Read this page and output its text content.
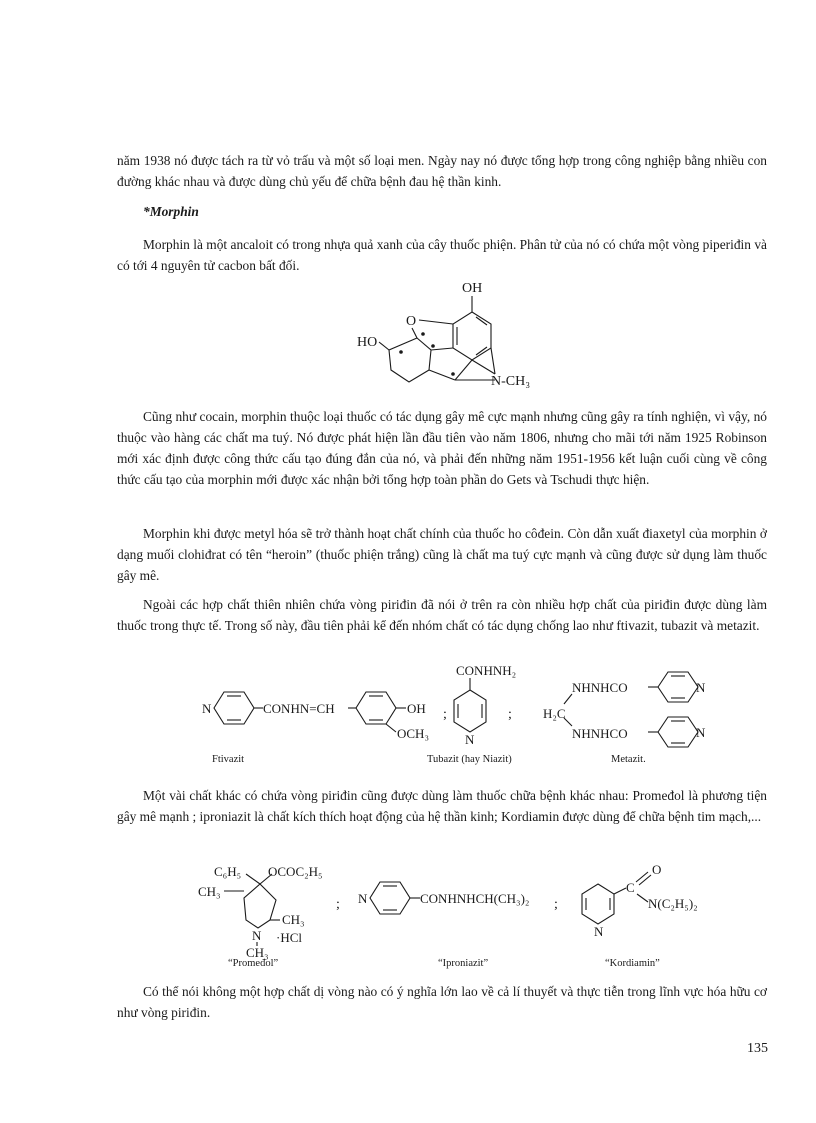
năm 1938 nó được tách ra từ vỏ trấu và một số loại men. Ngày nay nó được tổng hợp trong công nghiệp bằng nhiều con đường khác nhau và được dùng chủ yếu để chữa bệnh đau hệ thần kinh.

*Morphin

Morphin là một ancaloit có trong nhựa quả xanh của cây thuốc phiện. Phân tử của nó có chứa một vòng piperiđin và có tới 4 nguyên tử cacbon bất đối.

OH
O
HO
N-CH₃

Cũng như cocain, morphin thuộc loại thuốc có tác dụng gây mê cực mạnh nhưng cũng gây ra tính nghiện, vì vậy, nó thuộc vào hàng các chất ma tuý. Nó được phát hiện lần đầu tiên vào năm 1806, nhưng cho mãi tới năm 1925 Robinson mới xác định được công thức cấu tạo đúng đắn của nó, và phải đến những năm 1951-1956 kết luận cuối cùng về công thức cấu tạo của morphin mới được xác nhận bởi tổng hợp toàn phần do Gets và Tschudi thực hiện.

Morphin khi được metyl hóa sẽ trở thành hoạt chất chính của thuốc ho côđein. Còn dẫn xuất điaxetyl của morphin ở dạng muối clohiđrat có tên “heroin” (thuốc phiện trắng) cũng là chất ma tuý cực mạnh và cũng được sử dụng làm thuốc gây mê.

Ngoài các hợp chất thiên nhiên chứa vòng piriđin đã nói ở trên ra còn nhiều hợp chất của piriđin được dùng làm thuốc trong thực tế. Trong số này, đầu tiên phải kể đến nhóm chất có tác dụng chống lao như ftivazit, tubazit và metazit.

N	CONHN=CH	OH
OCH₃
;
CONHNH₂
N
;
NHNHCO	N
H₂C
NHNHCO	N
Ftivazit	Tubazit (hay Niazit)	Metazit.

Một vài chất khác có chứa vòng piriđin cũng được dùng làm thuốc chữa bệnh khác nhau: Promeđol là phương tiện gây mê mạnh ; iproniazit là chất kích thích hoạt động của hệ thần kinh; Kordiamin được dùng để chữa bệnh tim mạch,...

C₆H₅ OCOC₂H₅
CH₃
CH₃
N ·HCl
CH₃
; N	CONHNHCH(CH₃)₂ ;
N
C
O
N(C₂H₅)₂
“Promeđol”	“Iproniazit”	“Kordiamin”

Có thể nói không một hợp chất dị vòng nào có ý nghĩa lớn lao về cả lí thuyết và thực tiễn trong lĩnh vực hóa hữu cơ như vòng piriđin.

135
